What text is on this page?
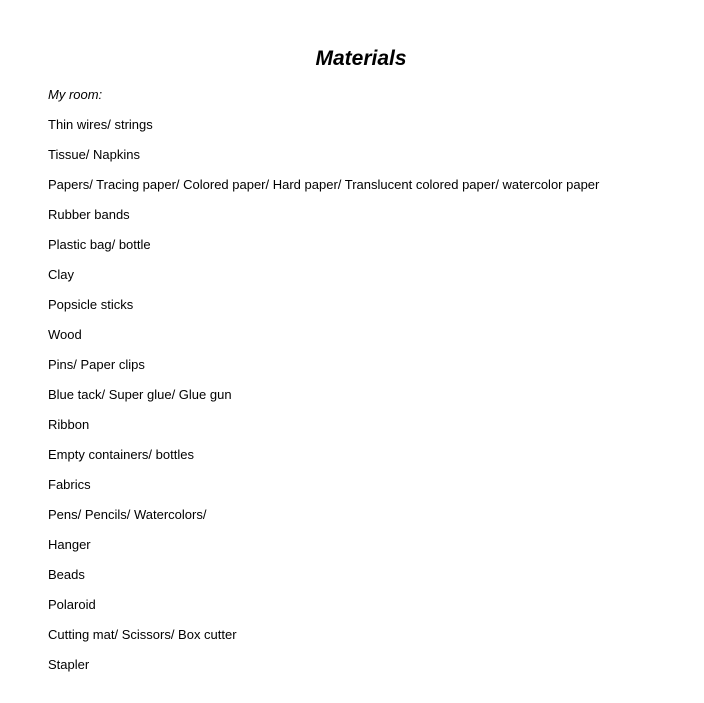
Materials

My room:

Thin wires/ strings
Tissue/ Napkins
Papers/ Tracing paper/ Colored paper/ Hard paper/ Translucent colored paper/ watercolor paper
Rubber bands
Plastic bag/ bottle
Clay
Popsicle sticks
Wood
Pins/ Paper clips
Blue tack/ Super glue/ Glue gun
Ribbon
Empty containers/ bottles
Fabrics
Pens/ Pencils/ Watercolors/
Hanger
Beads
Polaroid
Cutting mat/ Scissors/ Box cutter
Stapler
